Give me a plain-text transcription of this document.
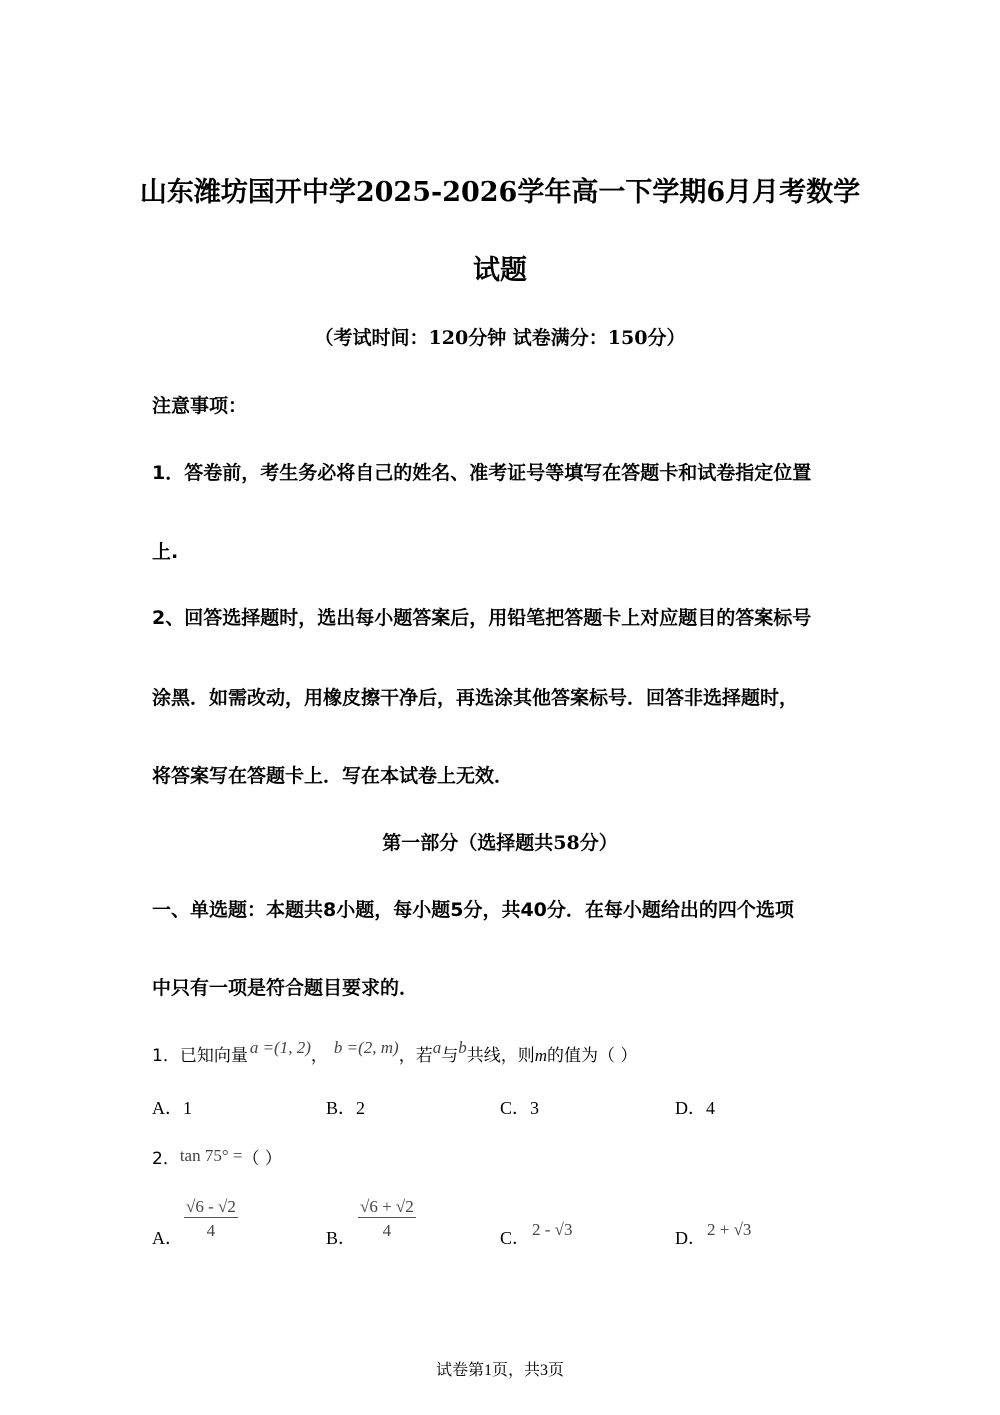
山东潍坊国开中学2025-2026学年高一下学期6月月考数学
试题
（考试时间：120分钟 试卷满分：150分）
注意事项：
1．答卷前，考生务必将自己的姓名、准考证号等填写在答题卡和试卷指定位置
上.
2、回答选择题时，选出每小题答案后，用铅笔把答题卡上对应题目的答案标号
涂黑．如需改动，用橡皮擦干净后，再选涂其他答案标号．回答非选择题时，
将答案写在答题卡上．写在本试卷上无效．
第一部分（选择题共58分）
一、单选题：本题共8小题，每小题5分，共40分．在每小题给出的四个选项
中只有一项是符合题目要求的．
1．已知向量 a =(1, 2)， b =(2, m)，若a与b共线，则m的值为（ ）
A．1	B．2	C．3	D．4
2．tan 75° =（ ）
A． $\frac{√6 - √2}{4}$	B． $\frac{√6 + √2}{4}$	C． 2 - √3	D． 2 + √3
试卷第1页，共3页
